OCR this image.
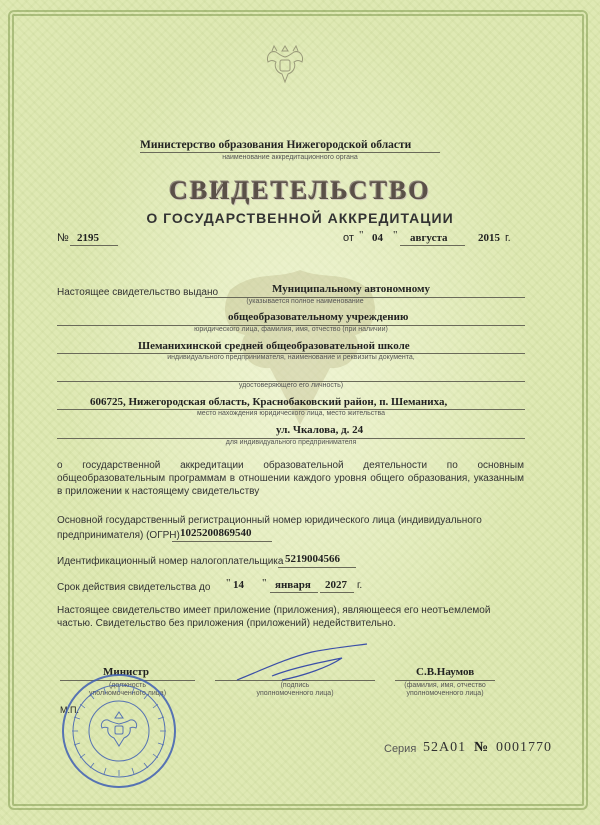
Министерство образования Нижегородской области
наименование аккредитационного органа
СВИДЕТЕЛЬСТВО
О ГОСУДАРСТВЕННОЙ АККРЕДИТАЦИИ
№ 2195	от " 04 " августа	2015 г.
Настоящее свидетельство выдано	Муниципальному автономному
(указывается полное наименование
общеобразовательному учреждению
юридического лица, фамилия, имя, отчество (при наличии)
Шеманихинской средней общеобразовательной школе
индивидуального предпринимателя, наименование и реквизиты документа,
удостоверяющего его личность)
606725, Нижегородская область, Краснобаковский район, п. Шеманиха,
место нахождения юридического лица, место жительства
ул. Чкалова, д. 24
для индивидуального предпринимателя
о государственной аккредитации образовательной деятельности по основным общеобразовательным программам в отношении каждого уровня общего образования, указанным в приложении к настоящему свидетельству
Основной государственный регистрационный номер юридического лица (индивидуального
предпринимателя) (ОГРН) 1025200869540
Идентификационный номер налогоплательщика 5219004566
Срок действия свидетельства до " 14 " января 2027 г.
Настоящее свидетельство имеет приложение (приложения), являющееся его неотъемлемой частью. Свидетельство без приложения (приложений) недействительно.
Министр
(должность
уполномоченного лица)
(подпись
уполномоченного лица)
С.В.Наумов
(фамилия, имя, отчество
уполномоченного лица)
М.П.
Серия 52А01 № 0001770
